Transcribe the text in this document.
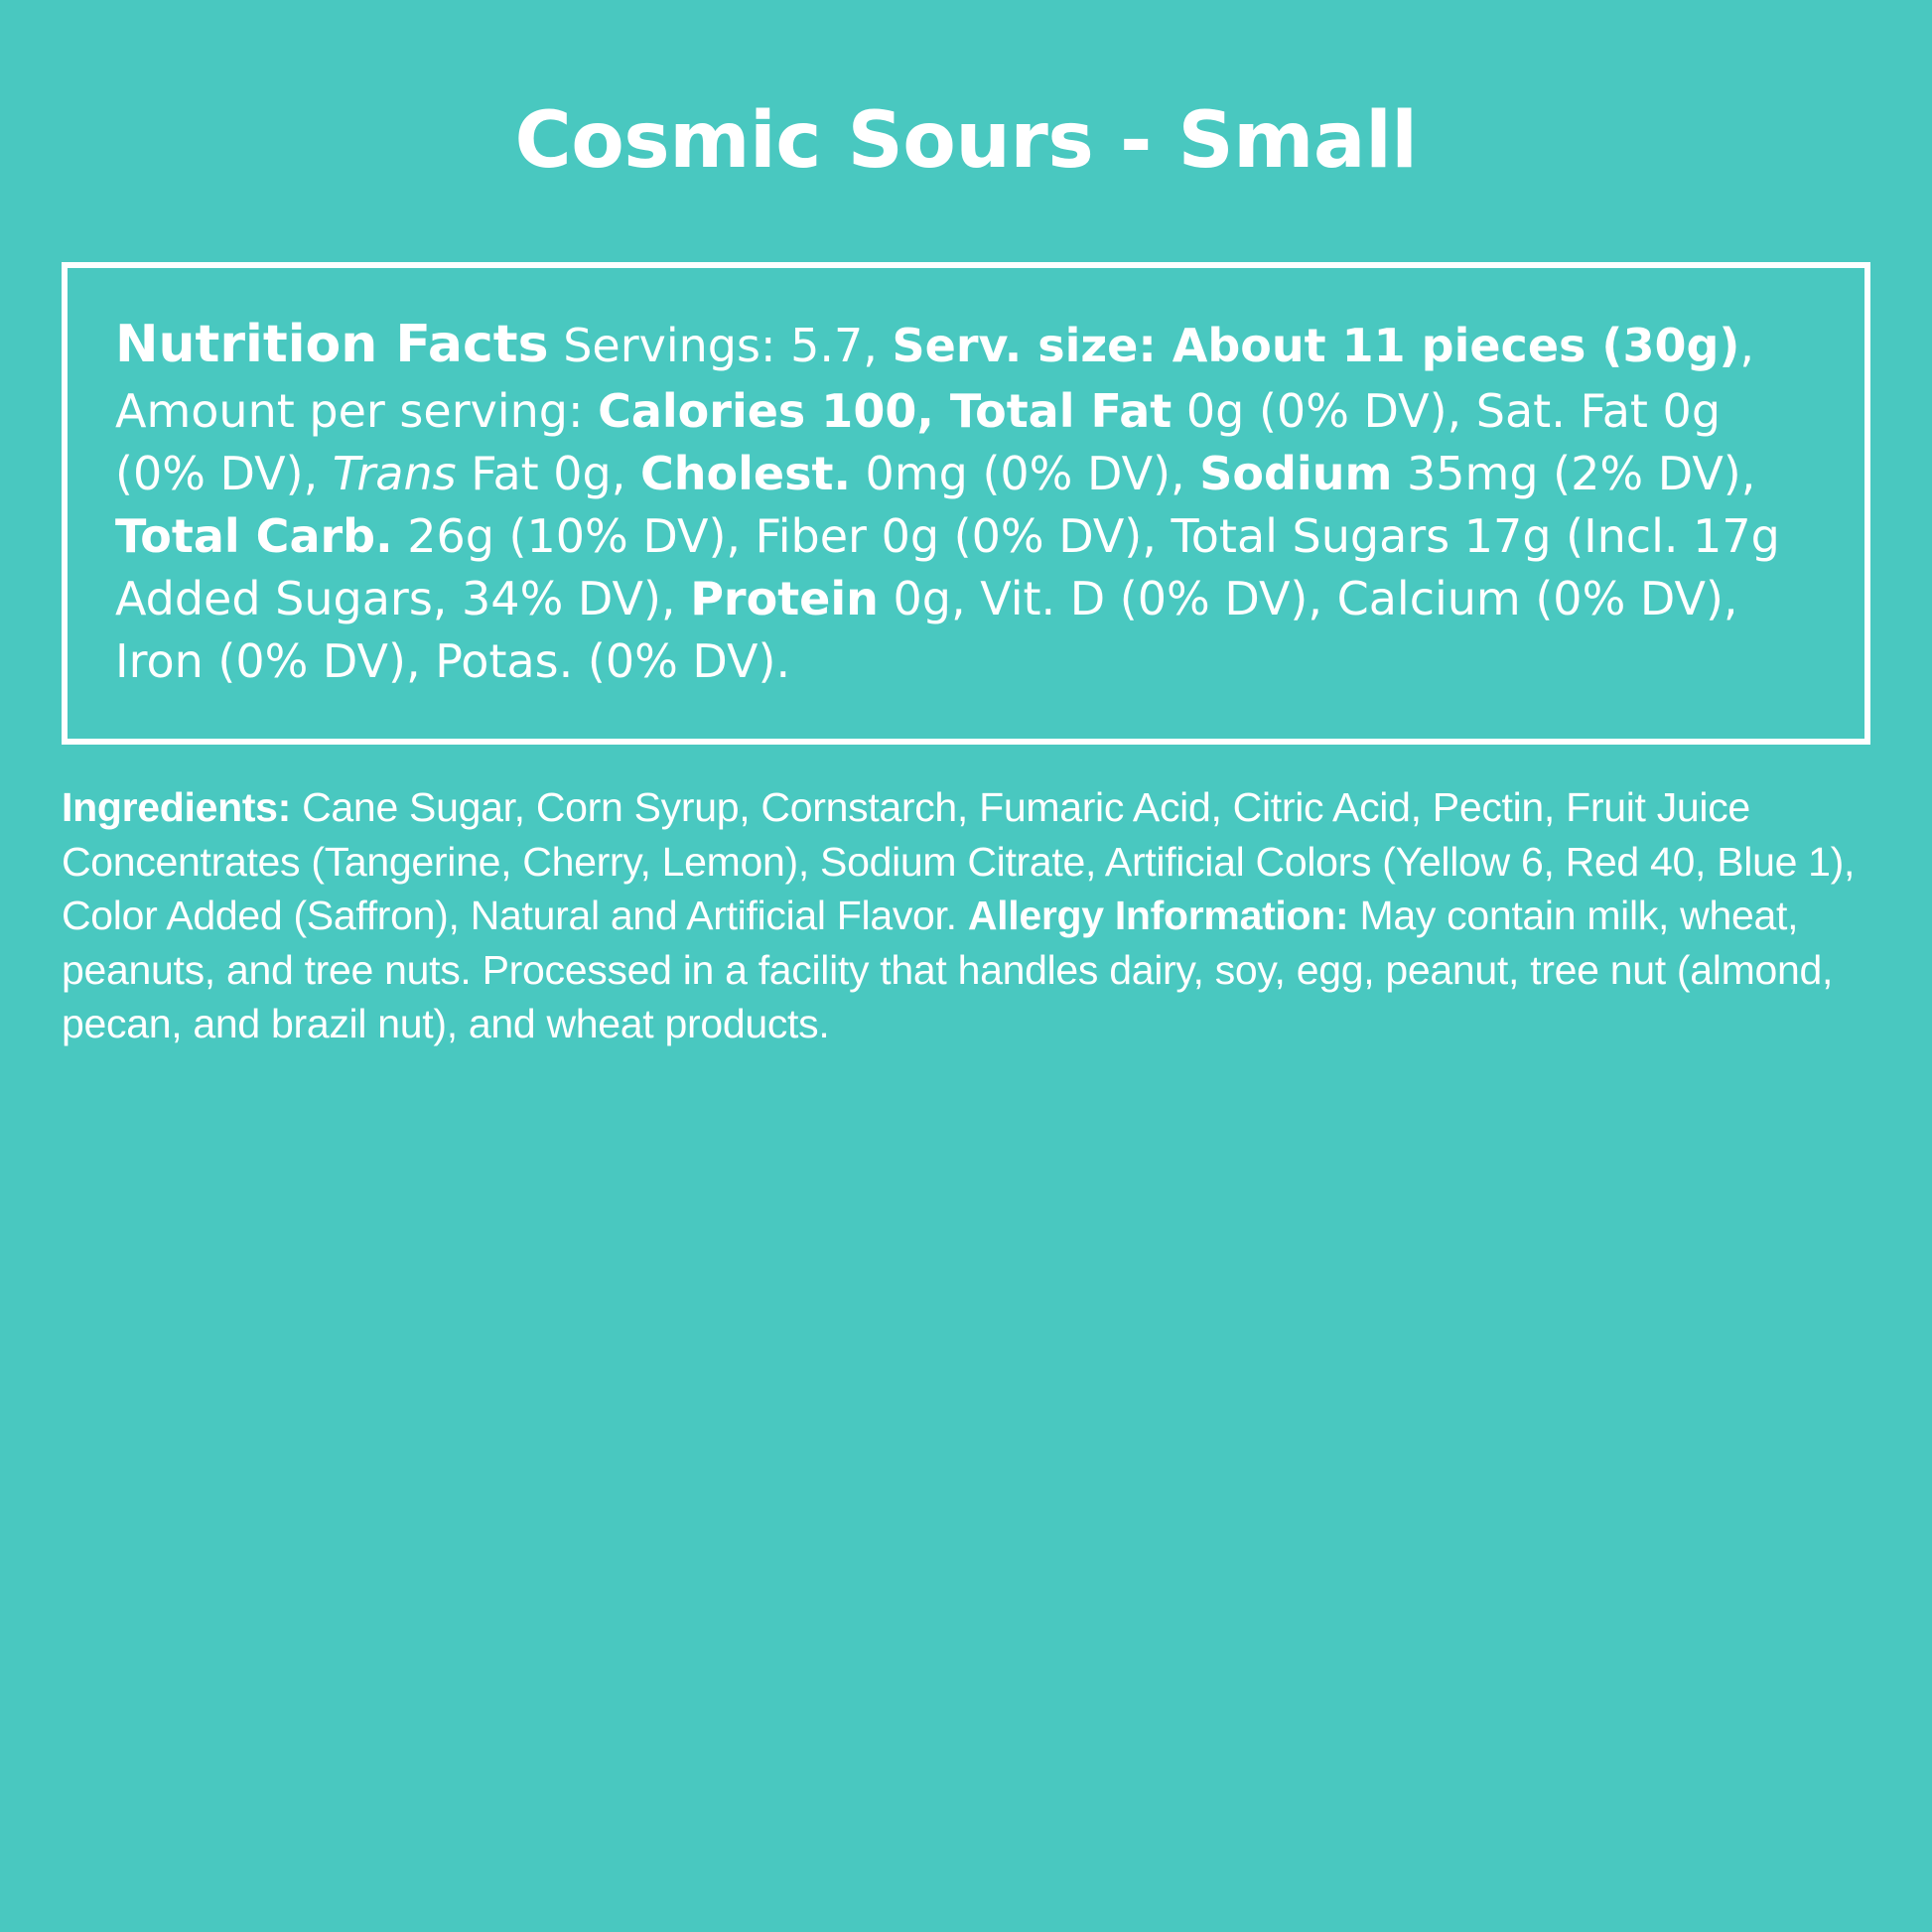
Cosmic Sours - Small
Nutrition Facts Servings: 5.7, Serv. size: About 11 pieces (30g), Amount per serving: Calories 100, Total Fat 0g (0% DV), Sat. Fat 0g (0% DV), Trans Fat 0g, Cholest. 0mg (0% DV), Sodium 35mg (2% DV), Total Carb. 26g (10% DV), Fiber 0g (0% DV), Total Sugars 17g (Incl. 17g Added Sugars, 34% DV), Protein 0g, Vit. D (0% DV), Calcium (0% DV), Iron (0% DV), Potas. (0% DV).
Ingredients: Cane Sugar, Corn Syrup, Cornstarch, Fumaric Acid, Citric Acid, Pectin, Fruit Juice Concentrates (Tangerine, Cherry, Lemon), Sodium Citrate, Artificial Colors (Yellow 6, Red 40, Blue 1), Color Added (Saffron), Natural and Artificial Flavor. Allergy Information: May contain milk, wheat, peanuts, and tree nuts. Processed in a facility that handles dairy, soy, egg, peanut, tree nut (almond, pecan, and brazil nut), and wheat products.
